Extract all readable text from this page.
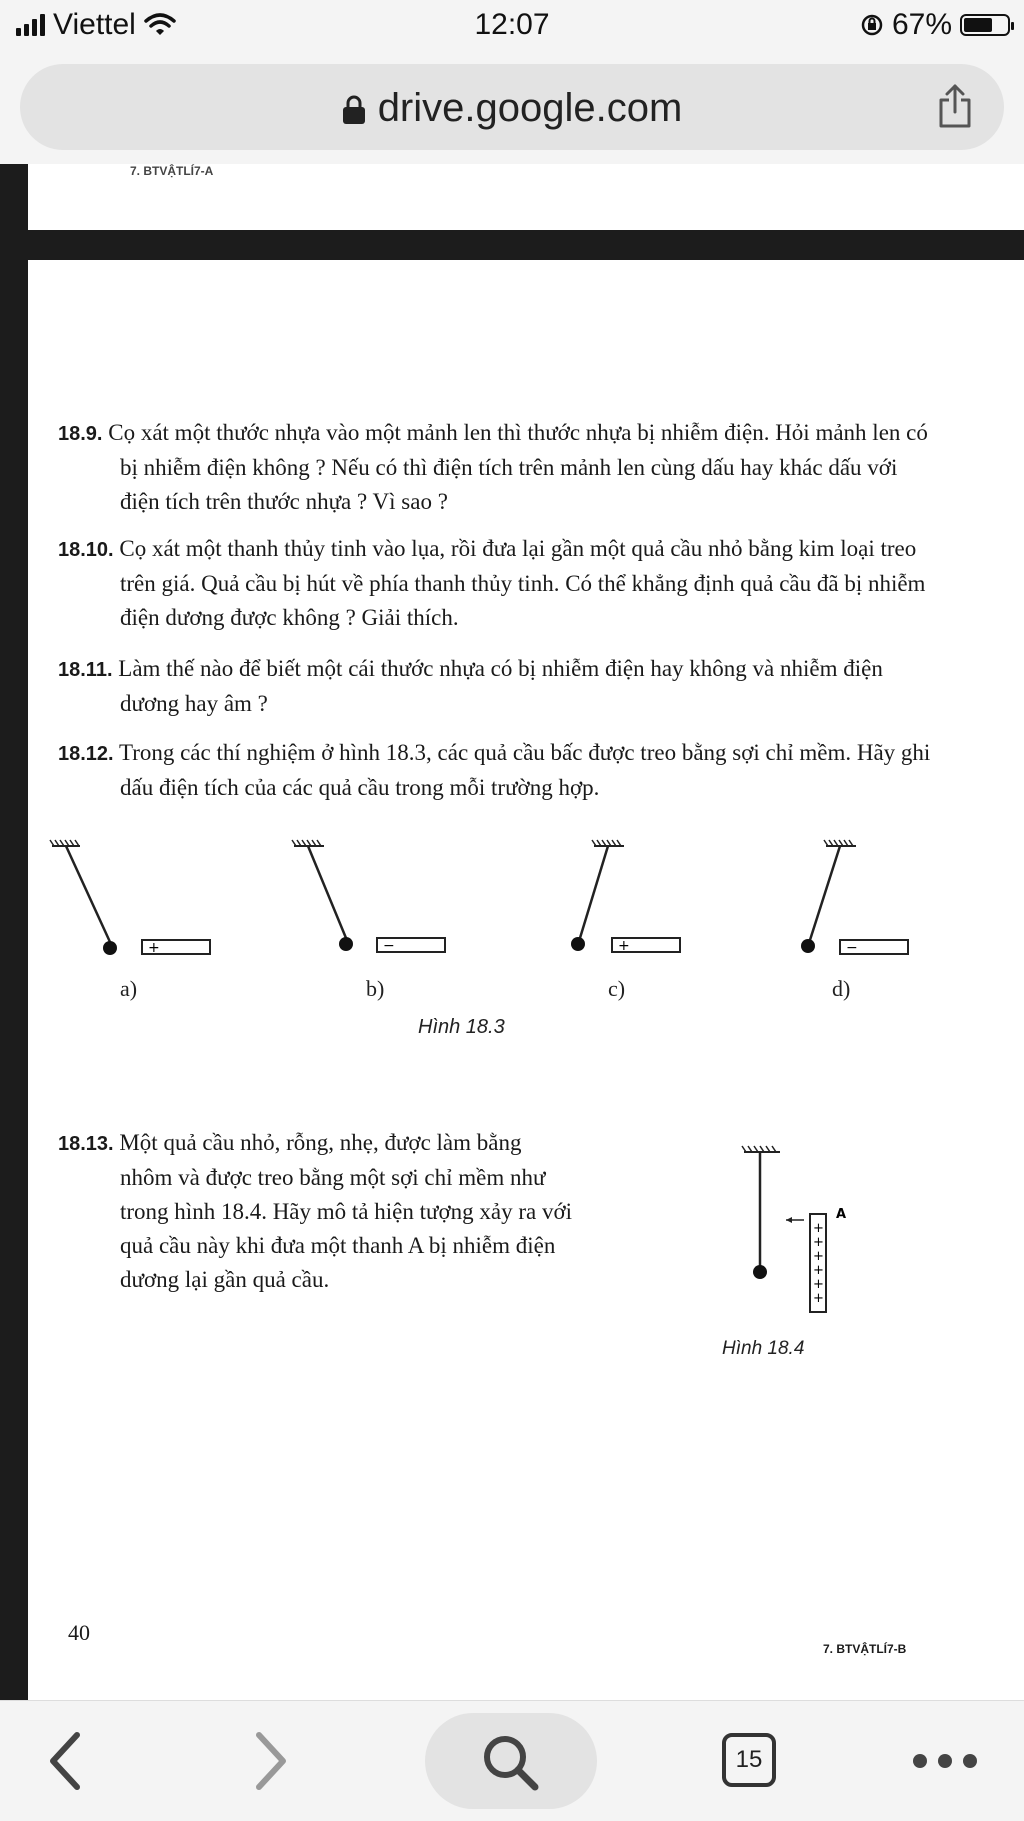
Viettel	12:07	67%
drive.google.com
7. BTVẬTLÍ7-A
18.9. Cọ xát một thước nhựa vào một mảnh len thì thước nhựa bị nhiễm điện. Hỏi mảnh len có bị nhiễm điện không ? Nếu có thì điện tích trên mảnh len cùng dấu hay khác dấu với điện tích trên thước nhựa ? Vì sao ?
18.10. Cọ xát một thanh thủy tinh vào lụa, rồi đưa lại gần một quả cầu nhỏ bằng kim loại treo trên giá. Quả cầu bị hút về phía thanh thủy tinh. Có thể khẳng định quả cầu đã bị nhiễm điện dương được không ? Giải thích.
18.11. Làm thế nào để biết một cái thước nhựa có bị nhiễm điện hay không và nhiễm điện dương hay âm ?
18.12. Trong các thí nghiệm ở hình 18.3, các quả cầu bấc được treo bằng sợi chỉ mềm. Hãy ghi dấu điện tích của các quả cầu trong mỗi trường hợp.
+	−	+	−
a)	b)	c)	d)
Hình 18.3
18.13. Một quả cầu nhỏ, rỗng, nhẹ, được làm bằng nhôm và được treo bằng một sợi chỉ mềm như trong hình 18.4. Hãy mô tả hiện tượng xảy ra với quả cầu này khi đưa một thanh A bị nhiễm điện dương lại gần quả cầu.
+
+
+
+
+
+
A
Hình 18.4
40
7. BTVẬTLÍ7-B
15
